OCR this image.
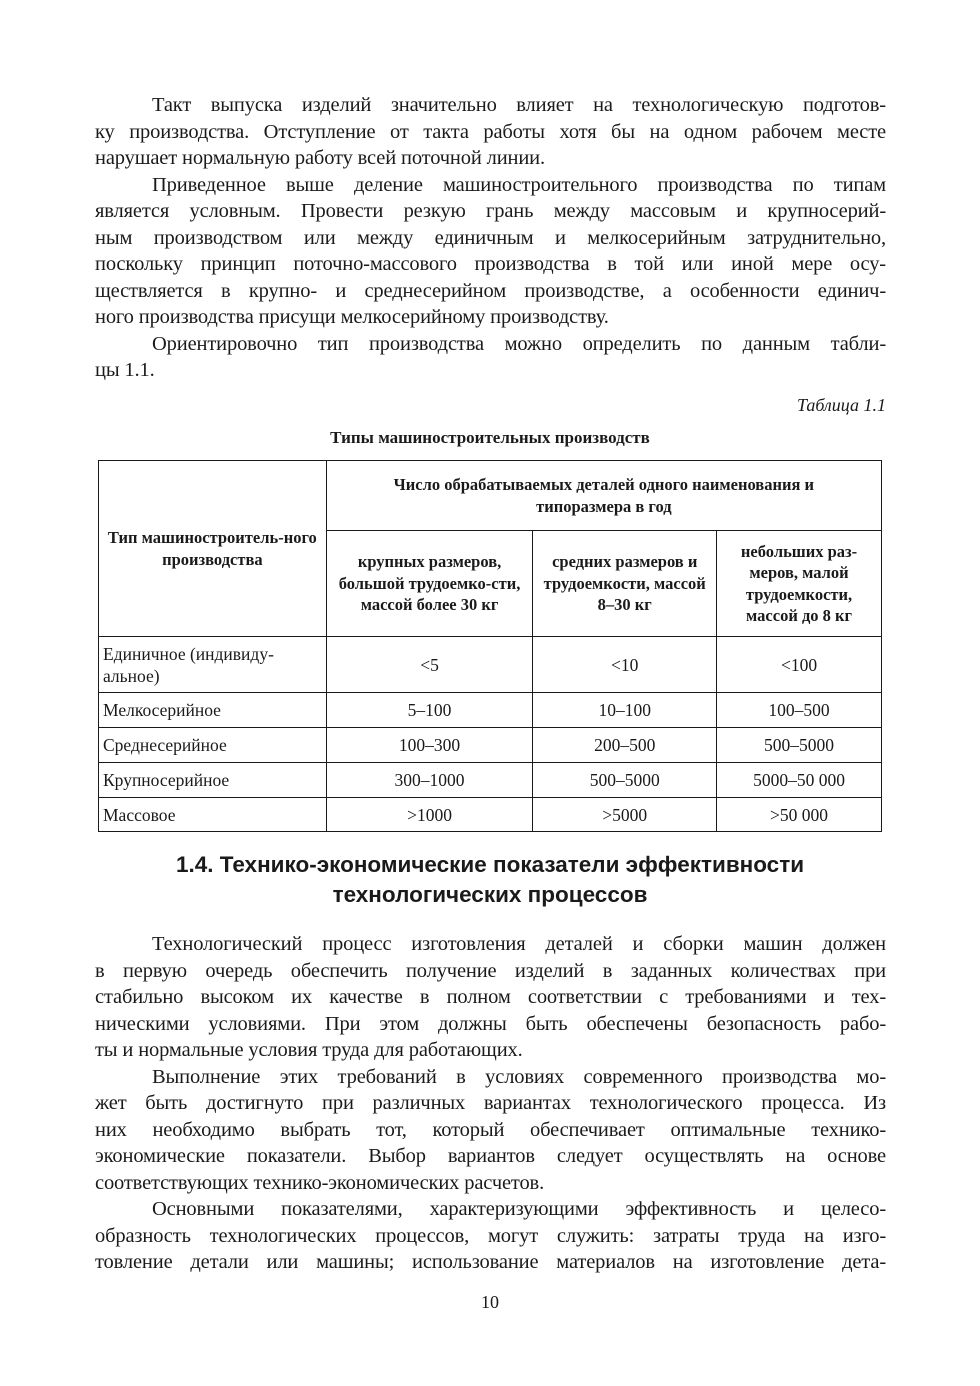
Такт выпуска изделий значительно влияет на технологическую подготов-
ку производства. Отступление от такта работы хотя бы на одном рабочем месте
нарушает нормальную работу всей поточной линии.

Приведенное выше деление машиностроительного производства по типам
является условным. Провести резкую грань между массовым и крупносерий-
ным производством или между единичным и мелкосерийным затруднительно,
поскольку принцип поточно-массового производства в той или иной мере осу-
ществляется в крупно- и среднесерийном производстве, а особенности единич-
ного производства присущи мелкосерийному производству.

Ориентировочно тип производства можно определить по данным табли-
цы 1.1.

Таблица 1.1
Типы машиностроительных производств
Тип машиностроитель-ного производства	Число обрабатываемых деталей одного наименования и типоразмера в год		
	крупных размеров, большой трудоемко-сти, массой более 30 кг	средних размеров и трудоемкости, массой 8–30 кг	небольших раз-меров, малой трудоемкости, массой до 8 кг
Единичное (индивиду-альное)	<5	<10	<100
Мелкосерийное	5–100	10–100	100–500
Среднесерийное	100–300	200–500	500–5000
Крупносерийное	300–1000	500–5000	5000–50 000
Массовое	>1000	>5000	>50 000
1.4. Технико-экономические показатели эффективности
технологических процессов

Технологический процесс изготовления деталей и сборки машин должен
в первую очередь обеспечить получение изделий в заданных количествах при
стабильно высоком их качестве в полном соответствии с требованиями и тех-
ническими условиями. При этом должны быть обеспечены безопасность рабо-
ты и нормальные условия труда для работающих.

Выполнение этих требований в условиях современного производства мо-
жет быть достигнуто при различных вариантах технологического процесса. Из
них необходимо выбрать тот, который обеспечивает оптимальные технико-
экономические показатели. Выбор вариантов следует осуществлять на основе
соответствующих технико-экономических расчетов.

Основными показателями, характеризующими эффективность и целесо-
образность технологических процессов, могут служить: затраты труда на изго-
товление детали или машины; использование материалов на изготовление дета-

10
